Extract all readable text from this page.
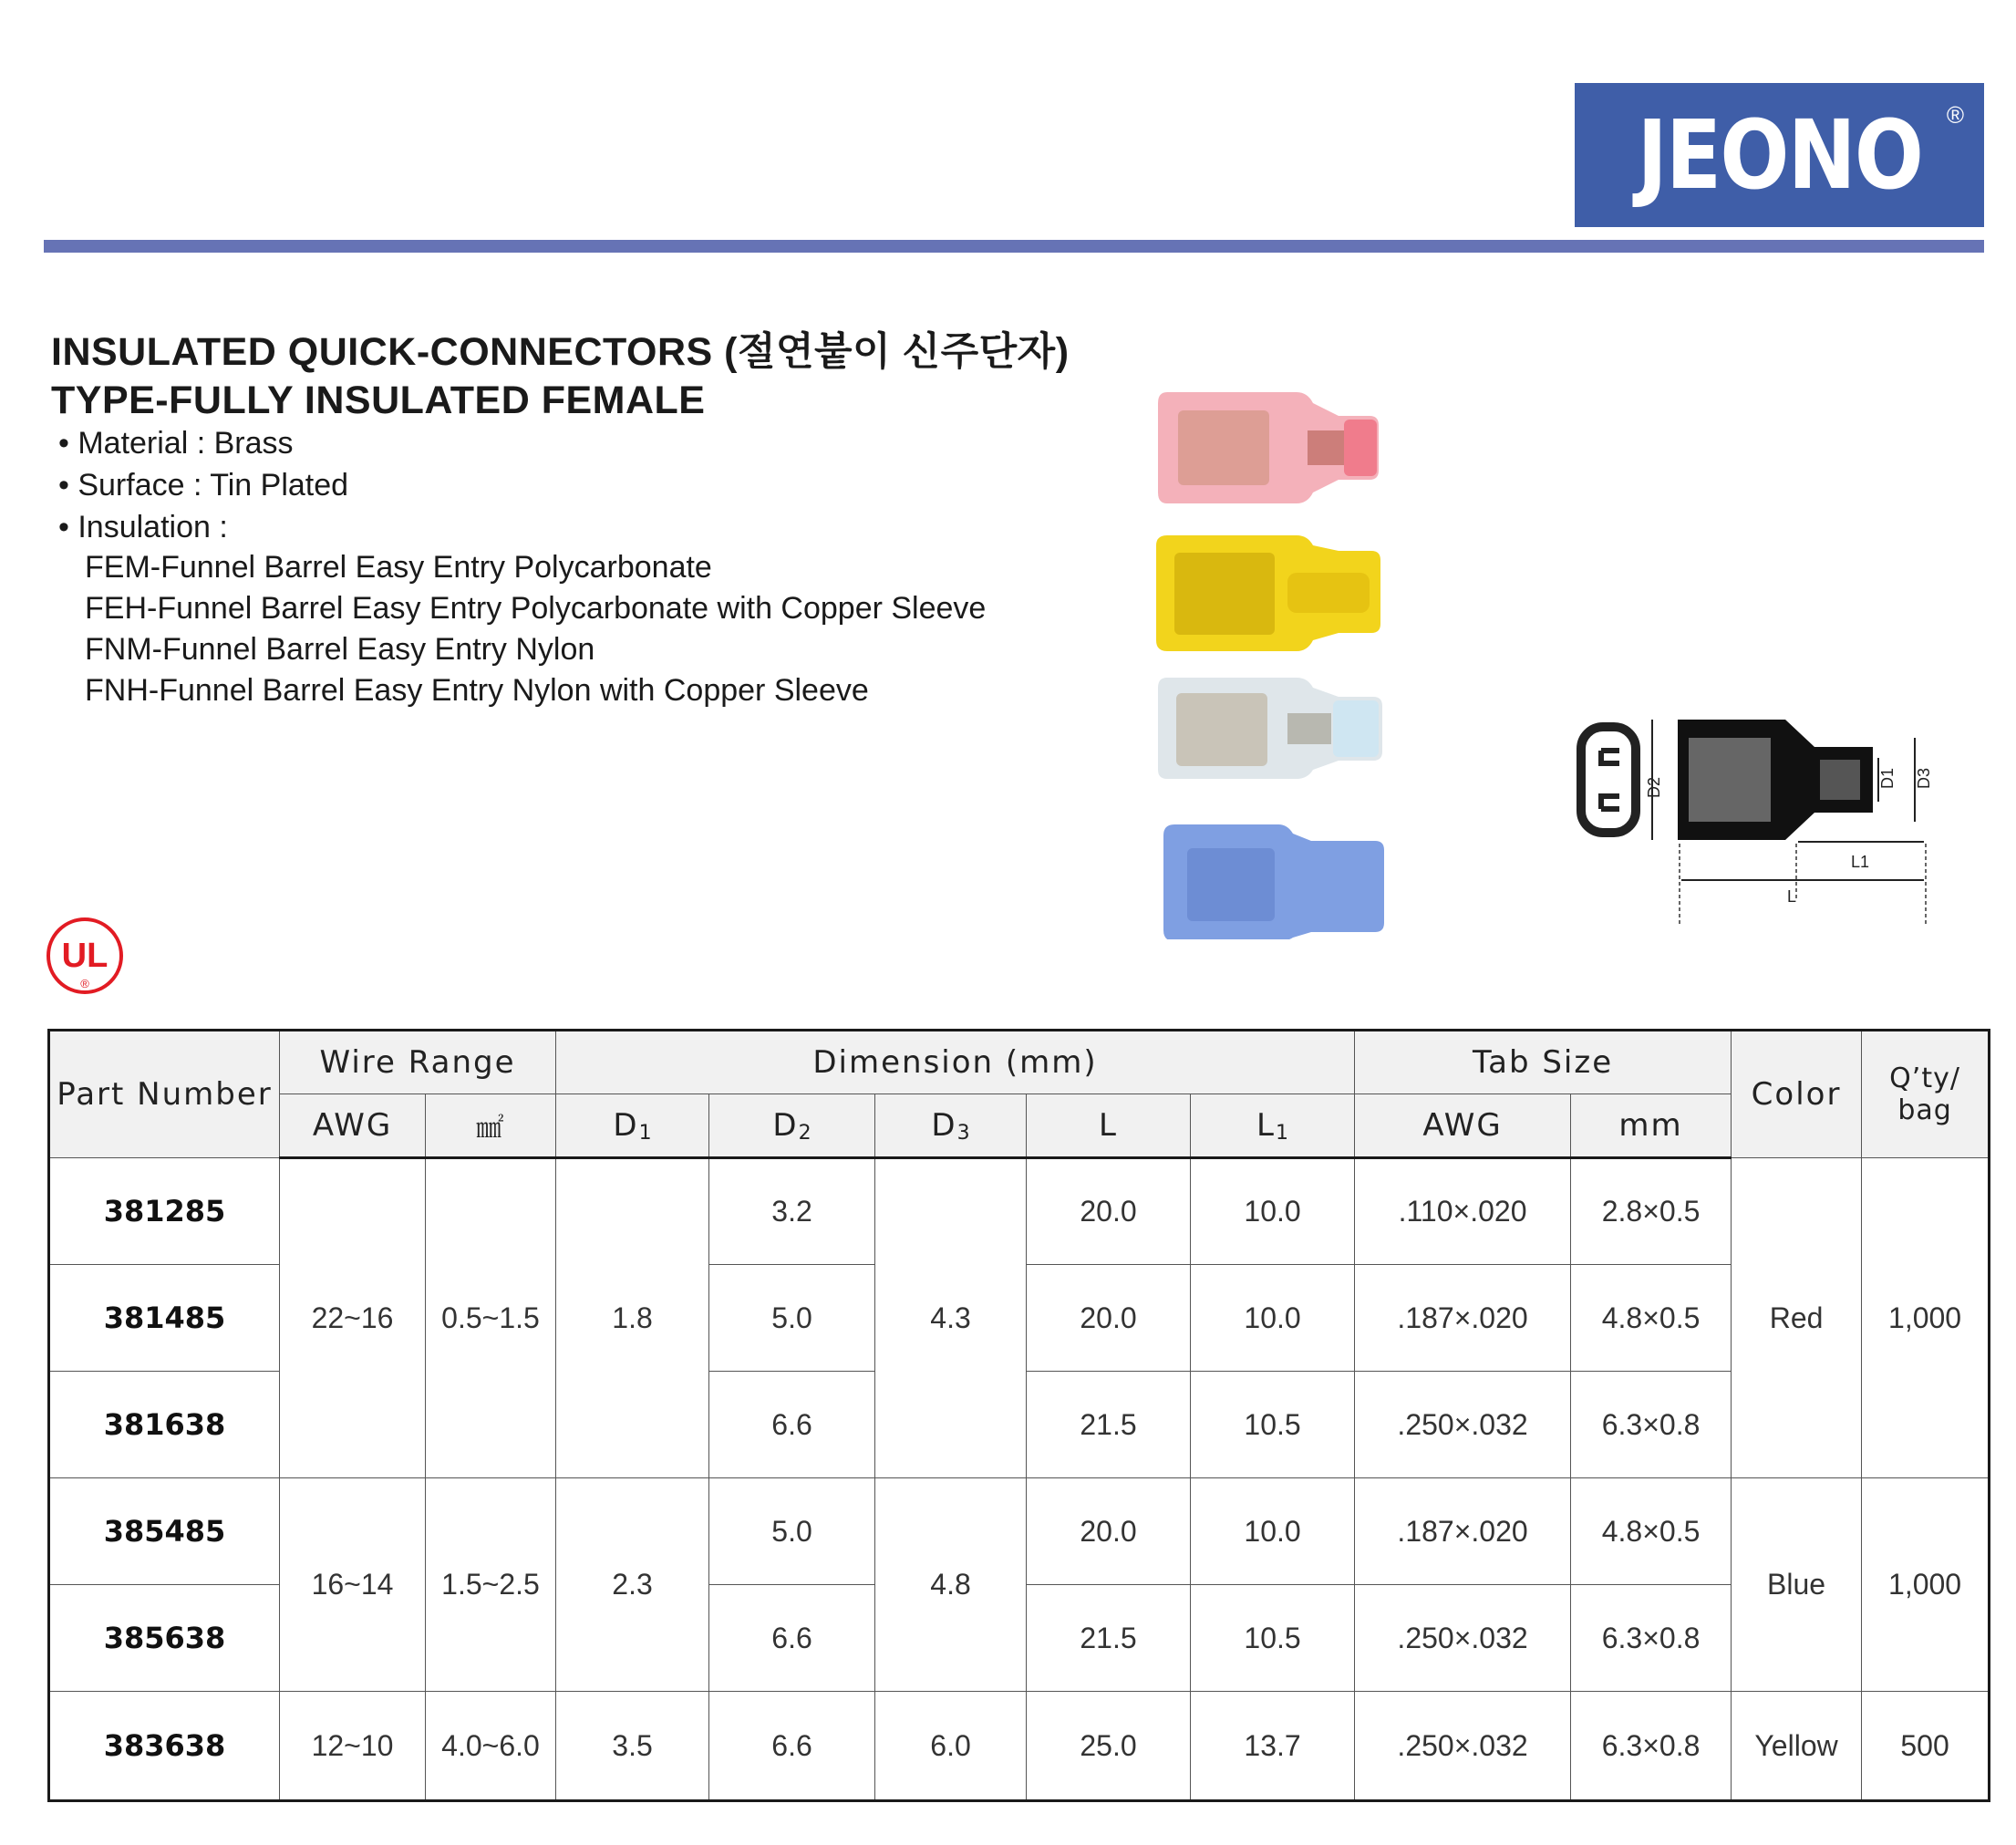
JEONO ®
INSULATED QUICK-CONNECTORS (절연붙이 신주단자)
TYPE-FULLY INSULATED FEMALE
• Material : Brass
• Surface : Tin Plated
• Insulation :
FEM-Funnel Barrel Easy Entry Polycarbonate
FEH-Funnel Barrel Easy Entry Polycarbonate with Copper Sleeve
FNM-Funnel Barrel Easy Entry Nylon
FNH-Funnel Barrel Easy Entry Nylon with Copper Sleeve
D2	D1 D3
L1
L
UL
®
Part Number	Wire Range		Dimension (mm)					Tab Size		Color	Q’ty/
bag
	AWG	㎟	D1	D2	D3	L	L1	AWG	mm		
381285	22~16	0.5~1.5	1.8	3.2	4.3	20.0	10.0	.110×.020	2.8×0.5	Red	1,000
381485				5.0		20.0	10.0	.187×.020	4.8×0.5		
381638				6.6		21.5	10.5	.250×.032	6.3×0.8		
385485	16~14	1.5~2.5	2.3	5.0	4.8	20.0	10.0	.187×.020	4.8×0.5	Blue	1,000
385638				6.6		21.5	10.5	.250×.032	6.3×0.8		
383638	12~10	4.0~6.0	3.5	6.6	6.0	25.0	13.7	.250×.032	6.3×0.8	Yellow	500
